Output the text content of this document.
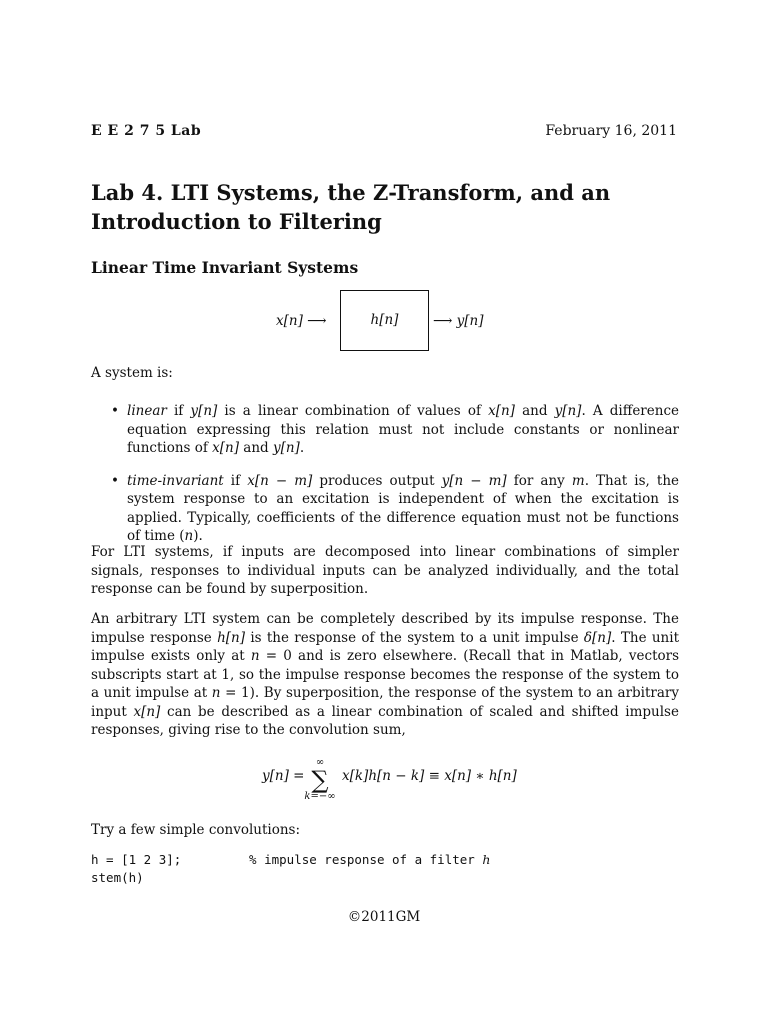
E E 2 7 5 Lab	February 16, 2011
Lab 4. LTI Systems, the Z-Transform, and an Introduction to Filtering
Linear Time Invariant Systems
x[n] ⟶	h[n]	⟶ y[n]
A system is:
• linear if y[n] is a linear combination of values of x[n] and y[n]. A difference equation expressing this relation must not include constants or nonlinear functions of x[n] and y[n].
• time-invariant if x[n − m] produces output y[n − m] for any m. That is, the system response to an excitation is independent of when the excitation is applied. Typically, coefficients of the difference equation must not be functions of time (n).
For LTI systems, if inputs are decomposed into linear combinations of simpler signals, responses to individual inputs can be analyzed individually, and the total response can be found by superposition.
An arbitrary LTI system can be completely described by its impulse response. The impulse response h[n] is the response of the system to a unit impulse δ[n]. The unit impulse exists only at n = 0 and is zero elsewhere. (Recall that in Matlab, vectors subscripts start at 1, so the impulse response becomes the response of the system to a unit impulse at n = 1). By superposition, the response of the system to an arbitrary input x[n] can be described as a linear combination of scaled and shifted impulse responses, giving rise to the convolution sum,
y[n] =
∞
∑
k=−∞
x[k]h[n − k] ≡ x[n] ∗ h[n]
Try a few simple convolutions:
h = [1 2 3];         % impulse response of a filter h
stem(h)
©2011GM
